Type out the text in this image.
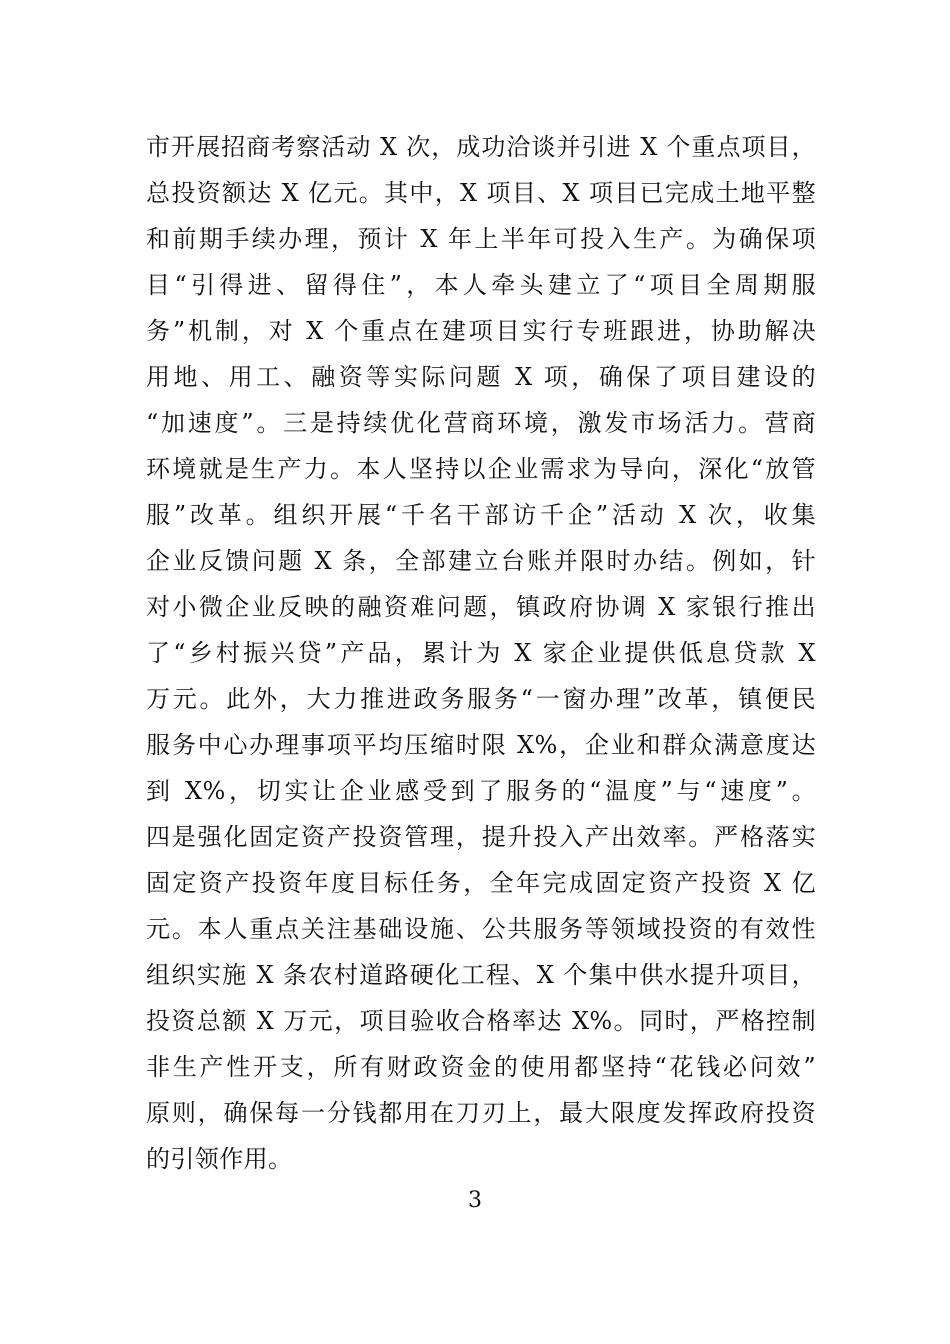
市开展招商考察活动 X 次，成功洽谈并引进 X 个重点项目，
总投资额达 X 亿元。其中，X 项目、X 项目已完成土地平整
和前期手续办理，预计 X 年上半年可投入生产。为确保项
目“引得进、留得住”，本人牵头建立了“项目全周期服
务”机制，对 X 个重点在建项目实行专班跟进，协助解决
用地、用工、融资等实际问题 X 项，确保了项目建设的
“加速度”。三是持续优化营商环境，激发市场活力。营商
环境就是生产力。本人坚持以企业需求为导向，深化“放管
服”改革。组织开展“千名干部访千企”活动 X 次，收集
企业反馈问题 X 条，全部建立台账并限时办结。例如，针
对小微企业反映的融资难问题，镇政府协调 X 家银行推出
了“乡村振兴贷”产品，累计为 X 家企业提供低息贷款 X
万元。此外，大力推进政务服务“一窗办理”改革，镇便民
服务中心办理事项平均压缩时限 X%，企业和群众满意度达
到 X%，切实让企业感受到了服务的“温度”与“速度”。
四是强化固定资产投资管理，提升投入产出效率。严格落实
固定资产投资年度目标任务，全年完成固定资产投资 X 亿
元。本人重点关注基础设施、公共服务等领域投资的有效性
组织实施 X 条农村道路硬化工程、X 个集中供水提升项目，
投资总额 X 万元，项目验收合格率达 X%。同时，严格控制
非生产性开支，所有财政资金的使用都坚持“花钱必问效”
原则，确保每一分钱都用在刀刃上，最大限度发挥政府投资
的引领作用。
3
